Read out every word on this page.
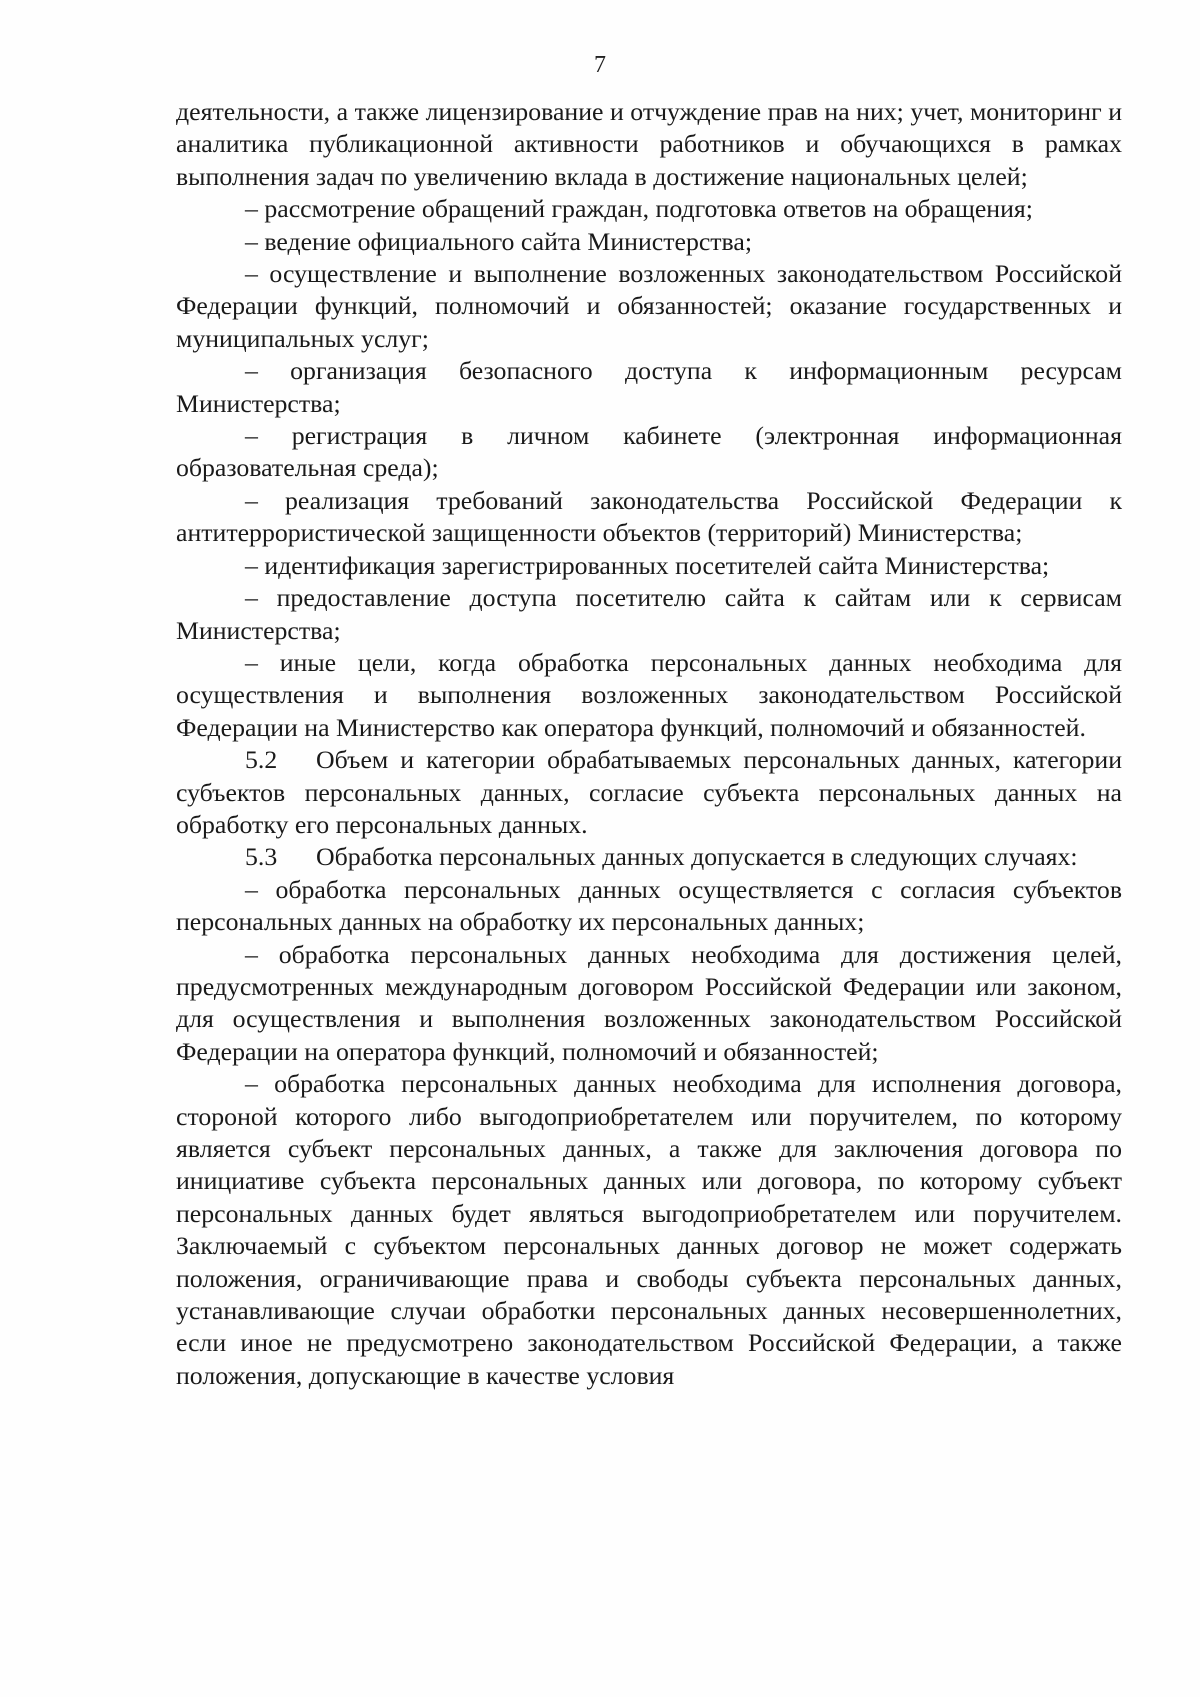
7

деятельности, а также лицензирование и отчуждение прав на них; учет, мониторинг и аналитика публикационной активности работников и обучающихся в рамках выполнения задач по увеличению вклада в достижение национальных целей;

– рассмотрение обращений граждан, подготовка ответов на обращения;

– ведение официального сайта Министерства;

– осуществление и выполнение возложенных законодательством Российской Федерации функций, полномочий и обязанностей; оказание государственных и муниципальных услуг;

– организация безопасного доступа к информационным ресурсам Министерства;

– регистрация в личном кабинете (электронная информационная образовательная среда);

– реализация требований законодательства Российской Федерации к антитеррористической защищенности объектов (территорий) Министерства;

– идентификация зарегистрированных посетителей сайта Министерства;

– предоставление доступа посетителю сайта к сайтам или к сервисам Министерства;

– иные цели, когда обработка персональных данных необходима для осуществления и выполнения возложенных законодательством Российской Федерации на Министерство как оператора функций, полномочий и обязанностей.

5.2 Объем и категории обрабатываемых персональных данных, категории субъектов персональных данных, согласие субъекта персональных данных на обработку его персональных данных.

5.3 Обработка персональных данных допускается в следующих случаях:

– обработка персональных данных осуществляется с согласия субъектов персональных данных на обработку их персональных данных;

– обработка персональных данных необходима для достижения целей, предусмотренных международным договором Российской Федерации или законом, для осуществления и выполнения возложенных законодательством Российской Федерации на оператора функций, полномочий и обязанностей;

– обработка персональных данных необходима для исполнения договора, стороной которого либо выгодоприобретателем или поручителем, по которому является субъект персональных данных, а также для заключения договора по инициативе субъекта персональных данных или договора, по которому субъект персональных данных будет являться выгодоприобретателем или поручителем. Заключаемый с субъектом персональных данных договор не может содержать положения, ограничивающие права и свободы субъекта персональных данных, устанавливающие случаи обработки персональных данных несовершеннолетних, если иное не предусмотрено законодательством Российской Федерации, а также положения, допускающие в качестве условия
